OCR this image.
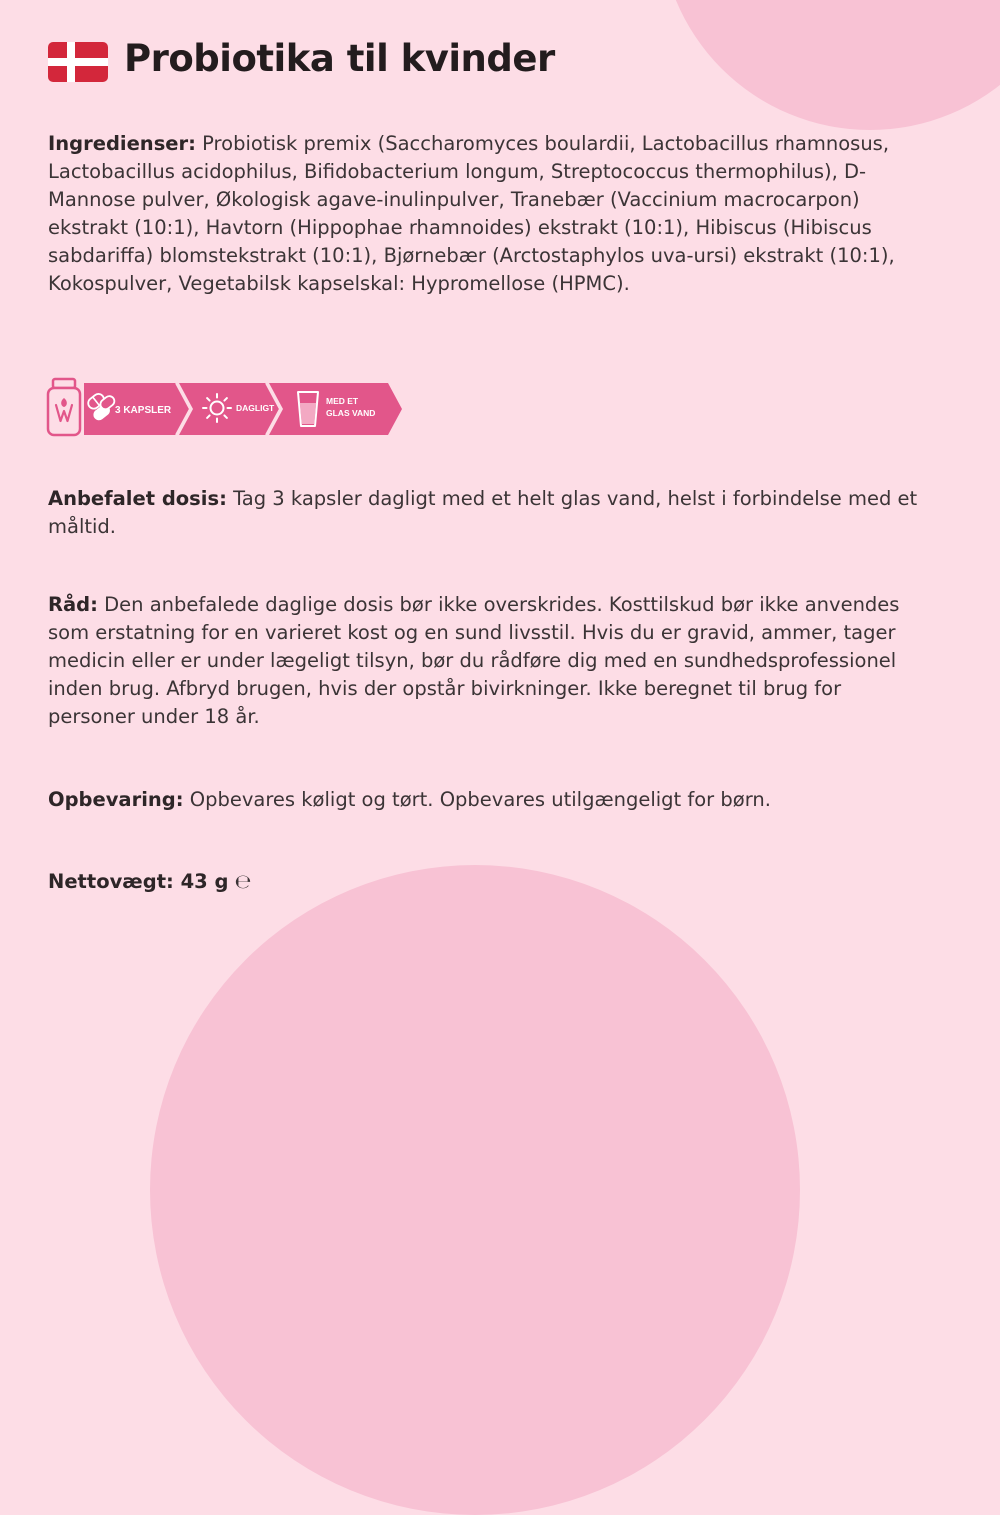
Probiotika til kvinder

Ingredienser: Probiotisk premix (Saccharomyces boulardii, Lactobacillus rhamnosus, Lactobacillus acidophilus, Bifidobacterium longum, Streptococcus thermophilus), D-Mannose pulver, Økologisk agave-inulinpulver, Tranebær (Vaccinium macrocarpon) ekstrakt (10:1), Havtorn (Hippophae rhamnoides) ekstrakt (10:1), Hibiscus (Hibiscus sabdariffa) blomstekstrakt (10:1), Bjørnebær (Arctostaphylos uva-ursi) ekstrakt (10:1), Kokospulver, Vegetabilsk kapselskal: Hypromellose (HPMC).

3 KAPSLER	DAGLIGT
MED ET
GLAS VAND

Anbefalet dosis: Tag 3 kapsler dagligt med et helt glas vand, helst i forbindelse med et måltid.

Råd: Den anbefalede daglige dosis bør ikke overskrides. Kosttilskud bør ikke anvendes som erstatning for en varieret kost og en sund livsstil. Hvis du er gravid, ammer, tager medicin eller er under lægeligt tilsyn, bør du rådføre dig med en sundhedsprofessionel inden brug. Afbryd brugen, hvis der opstår bivirkninger. Ikke beregnet til brug for personer under 18 år.

Opbevaring: Opbevares køligt og tørt. Opbevares utilgængeligt for børn.

Nettovægt: 43 g ℮
